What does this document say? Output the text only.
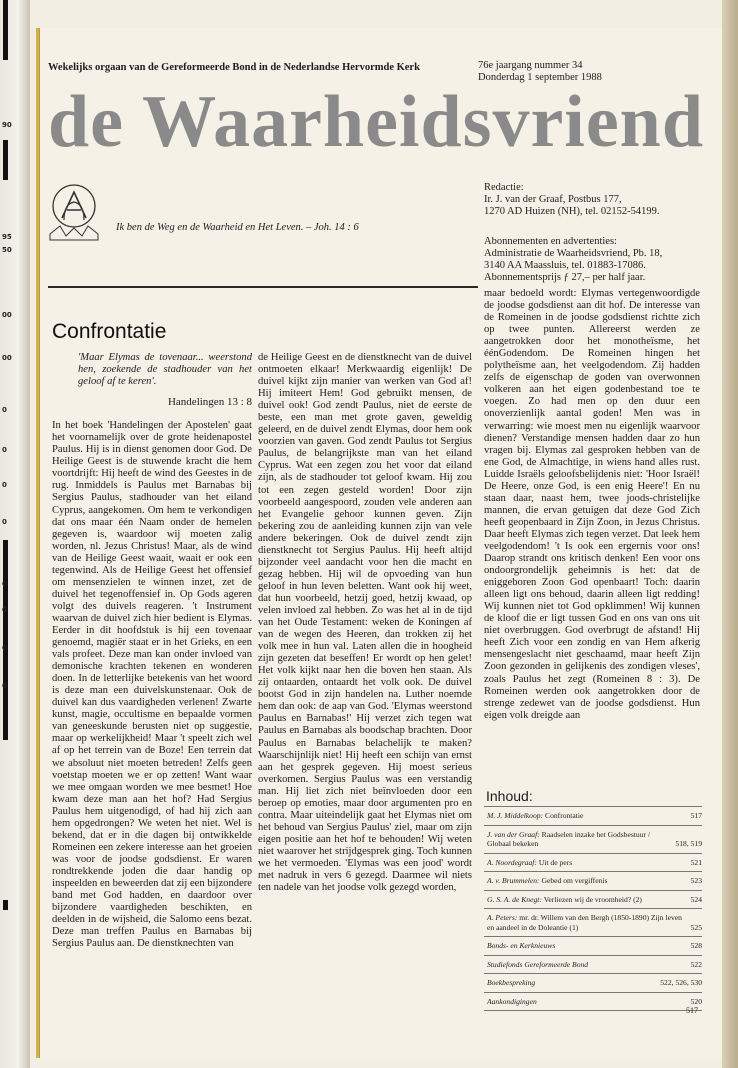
90
95
50
00
00
0
0
0
0
0
0
0
0
Wekelijks orgaan van de Gereformeerde Bond in de Nederlandse Hervormde Kerk	76e jaargang nummer 34
Donderdag 1 september 1988
de Waarheidsvriend
Ik ben de Weg en de Waarheid en Het Leven. – Joh. 14 : 6
Redactie:
Ir. J. van der Graaf, Postbus 177,
1270 AD Huizen (NH), tel. 02152-54199.
Abonnementen en advertenties:
Administratie de Waarheidsvriend, Pb. 18,
3140 AA Maassluis, tel. 01883-17086.
Abonnementsprijs ƒ 27,– per half jaar.
Confrontatie

'Maar Elymas de tovenaar... weerstond hen, zoekende de stadhouder van het geloof af te keren'.

Handelingen 13 : 8

In het boek 'Handelingen der Apostelen' gaat het voornamelijk over de grote heidenapostel Paulus. Hij is in dienst genomen door God. De Heilige Geest is de stuwende kracht die hem voortdrijft: Hij heeft de wind des Geestes in de rug. Inmiddels is Paulus met Barnabas bij Sergius Paulus, stadhouder van het eiland Cyprus, aangekomen. Om hem te verkondigen dat ons maar één Naam onder de hemelen gegeven is, waardoor wij moeten zalig worden, nl. Jezus Christus! Maar, als de wind van de Heilige Geest waait, waait er ook een tegenwind. Als de Heilige Geest het offensief om mensenzielen te winnen inzet, zet de duivel het tegenoffensief in. Op Gods ageren volgt des duivels reageren. 't Instrument waarvan de duivel zich hier bedient is Elymas. Eerder in dit hoofdstuk is hij een tovenaar genoemd, magiër staat er in het Grieks, en een vals profeet. Deze man kan onder invloed van demonische krachten tekenen en wonderen doen. In de letterlijke betekenis van het woord is deze man een duivelskunstenaar. Ook de duivel kan dus vaardigheden verlenen! Zwarte kunst, magie, occultisme en bepaalde vormen van geneeskunde berusten niet op suggestie, maar op werkelijkheid! Maar 't speelt zich wel af op het terrein van de Boze! Een terrein dat we absoluut niet moeten betreden! Zelfs geen voetstap moeten we er op zetten! Want waar we mee omgaan worden we mee besmet! Hoe kwam deze man aan het hof? Had Sergius Paulus hem uitgenodigd, of had hij zich aan hem opgedrongen? We weten het niet. Wel is bekend, dat er in die dagen bij ontwikkelde Romeinen een zekere interesse aan het groeien was voor de joodse godsdienst. Er waren rondtrekkende joden die daar handig op inspeelden en beweerden dat zij een bijzondere band met God hadden, en daardoor over bijzondere vaardigheden beschikten, en deelden in de wijsheid, die Salomo eens bezat. Deze man treffen Paulus en Barnabas bij Sergius Paulus aan. De dienstknechten van

de Heilige Geest en de dienstknecht van de duivel ontmoeten elkaar! Merkwaardig eigenlijk! De duivel kijkt zijn manier van werken van God af! Hij imiteert Hem! God gebruikt mensen, de duivel ook! God zendt Paulus, niet de eerste de beste, een man met grote gaven, geweldig geleerd, en de duivel zendt Elymas, door hem ook voorzien van gaven. God zendt Paulus tot Sergius Paulus, de belangrijkste man van het eiland Cyprus. Wat een zegen zou het voor dat eiland zijn, als de stadhouder tot geloof kwam. Hij zou tot een zegen gesteld worden! Door zijn voorbeeld aangespoord, zouden vele anderen aan het Evangelie gehoor kunnen geven. Zijn bekering zou de aanleiding kunnen zijn van vele andere bekeringen. Ook de duivel zendt zijn dienstknecht tot Sergius Paulus. Hij heeft altijd bijzonder veel aandacht voor hen die macht en gezag hebben. Hij wil de opvoeding van hun geloof in hun leven beletten. Want ook hij weet, dat hun voorbeeld, hetzij goed, hetzij kwaad, op velen invloed zal hebben. Zo was het al in de tijd van het Oude Testament: weken de Koningen af van de wegen des Heeren, dan trokken zij het volk mee in hun val. Laten allen die in hoogheid zijn gezeten dat beseffen! Er wordt op hen gelet! Het volk kijkt naar hen die boven hen staan. Als zij ontaarden, ontaardt het volk ook. De duivel bootst God in zijn handelen na. Luther noemde hem dan ook: de aap van God. 'Elymas weerstond Paulus en Barnabas!' Hij verzet zich tegen wat Paulus en Barnabas als boodschap brachten. Door Paulus en Barnabas belachelijk te maken? Waarschijnlijk niet! Hij heeft een schijn van ernst aan het gesprek gegeven. Hij moest serieus overkomen. Sergius Paulus was een verstandig man. Hij liet zich niet beïnvloeden door een beroep op emoties, maar door argumenten pro en contra. Maar uiteindelijk gaat het Elymas niet om het behoud van Sergius Paulus' ziel, maar om zijn eigen positie aan het hof te behouden! Wij weten niet waarover het strijdgesprek ging. Toch kunnen we het vermoeden. 'Elymas was een jood' wordt met nadruk in vers 6 gezegd. Daarmee wil niets ten nadele van het joodse volk gezegd worden,

maar bedoeld wordt: Elymas vertegenwoordigde de joodse godsdienst aan dit hof. De interesse van de Romeinen in de joodse godsdienst richtte zich op twee punten. Allereerst werden ze aangetrokken door het monotheïsme, het éénGodendom. De Romeinen hingen het polytheïsme aan, het veelgodendom. Zij hadden zelfs de eigenschap de goden van overwonnen volkeren aan het eigen godenbestand toe te voegen. Zo had men op den duur een onoverzienlijk aantal goden! Men was in verwarring: wie moest men nu eigenlijk waarvoor dienen? Verstandige mensen hadden daar zo hun vragen bij. Elymas zal gesproken hebben van de ene God, de Almachtige, in wiens hand alles rust. Luidde Israëls geloofsbelijdenis niet: 'Hoor Israël! De Heere, onze God, is een enig Heere'! En nu staan daar, naast hem, twee joods-christelijke mannen, die ervan getuigen dat deze God Zich heeft geopenbaard in Zijn Zoon, in Jezus Christus. Daar heeft Elymas zich tegen verzet. Dat leek hem veelgodendom! 't Is ook een ergernis voor ons! Daarop strandt ons kritisch denken! Een voor ons ondoorgrondelijk geheimnis is het: dat de eniggeboren Zoon God openbaart! Toch: daarin alleen ligt ons behoud, daarin alleen ligt redding! Wij kunnen niet tot God opklimmen! Wij kunnen de kloof die er ligt tussen God en ons van ons uit niet overbruggen. God overbrugt de afstand! Hij heeft Zich voor een zondig en van Hem afkerig mensengeslacht niet geschaamd, maar heeft Zijn Zoon gezonden in gelijkenis des zondigen vleses', zoals Paulus het zegt (Romeinen 8 : 3). De Romeinen werden ook aangetrokken door de strenge zedewet van de joodse godsdienst. Hun eigen volk dreigde aan

Inhoud:
M. J. Middelkoop: Confrontatie	517
J. van der Graaf: Raadselen inzake het Godsbestuur / Globaal bekeken	518, 519
A. Noordegraaf: Uit de pers	521
A. v. Brummelen: Gebed om vergiffenis	523
G. S. A. de Knegt: Verliezen wij de vroomheid? (2)	524
A. Peters: mr. dr. Willem van den Bergh (1850-1890) Zijn leven en aandeel in de Doleantie (1)	525
Bonds- en Kerknieuws	528
Studiefonds Gereformeerde Bond	522
Boekbespreking	522, 526, 530
Aankondigingen	520
517
